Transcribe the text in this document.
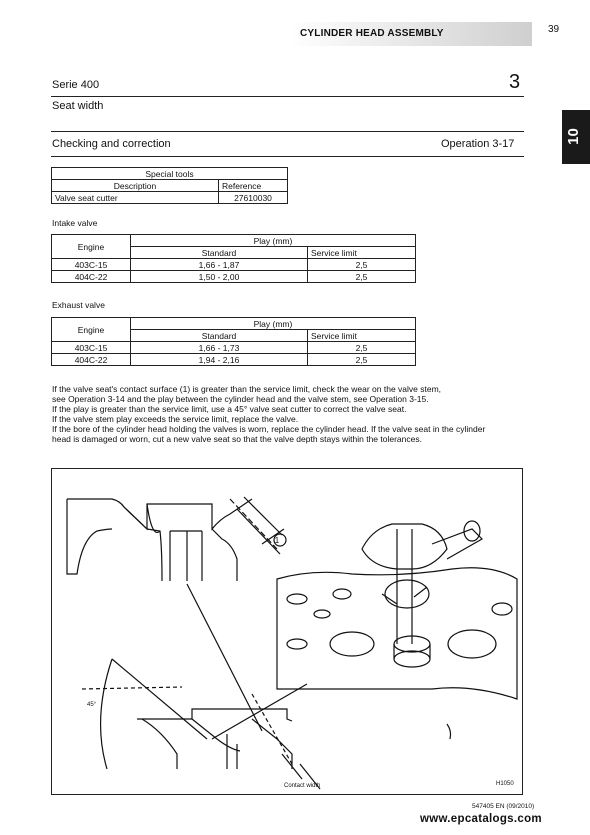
CYLINDER HEAD ASSEMBLY	39
10
Serie 400	3
Seat width
Checking and correction	Operation 3-17
Special tools	
Description	Reference
Valve seat cutter	27610030
Intake valve
Engine	Play (mm)	
	Standard	Service limit
403C-15	1,66 - 1,87	2,5
404C-22	1,50 - 2,00	2,5
Exhaust valve
Engine	Play (mm)	
	Standard	Service limit
403C-15	1,66 - 1,73	2,5
404C-22	1,94 - 2,16	2,5
If the valve seat's contact surface (1) is greater than the service limit, check the wear on the valve stem,
see Operation 3-14 and the play between the cylinder head and the valve stem, see Operation 3-15.
If the play is greater than the service limit, use a 45° valve seat cutter to correct the valve seat.
If the valve stem play exceeds the service limit, replace the valve.
If the bore of the cylinder head holding the valves is worn, replace the cylinder head. If the valve seat in the cylinder
head is damaged or worn, cut a new valve seat so that the valve depth stays within the tolerances.
1
45°
Contact width	H1050
547405 EN (09/2010)
www.epcatalogs.com
